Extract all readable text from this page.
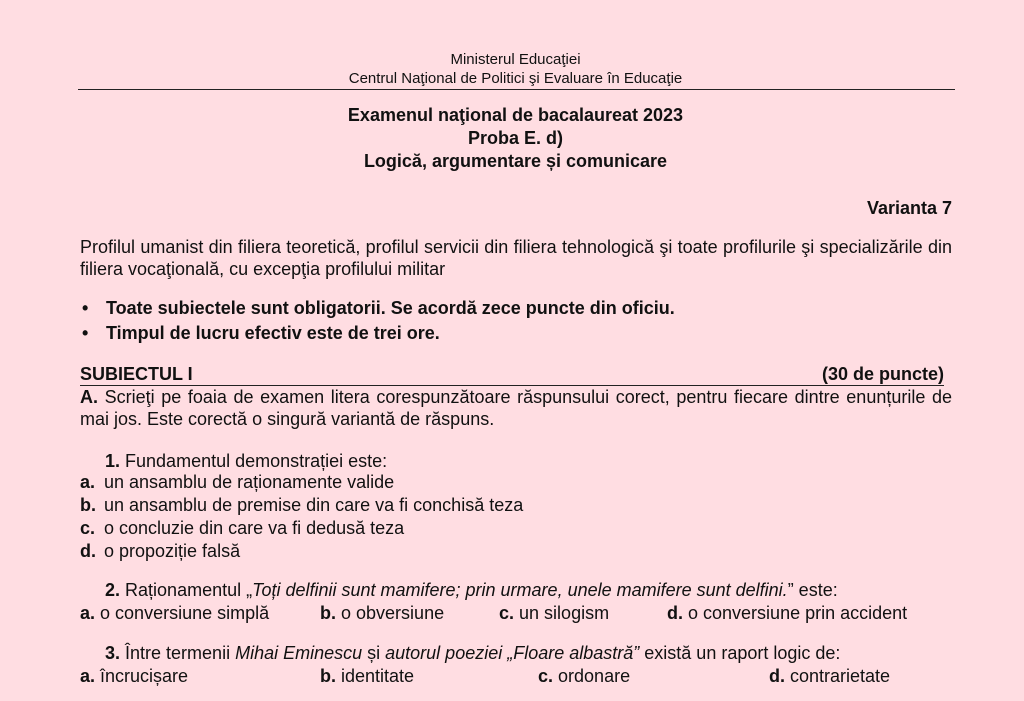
Ministerul Educaţiei
Centrul Naţional de Politici şi Evaluare în Educaţie
Examenul naţional de bacalaureat 2023
Proba E. d)
Logică, argumentare și comunicare
Varianta 7
Profilul umanist din filiera teoretică, profilul servicii din filiera tehnologică şi toate profilurile şi specializările din filiera vocaţională, cu excepţia profilului militar
• Toate subiectele sunt obligatorii. Se acordă zece puncte din oficiu.
• Timpul de lucru efectiv este de trei ore.
SUBIECTUL I	(30 de puncte)
A. Scrieţi pe foaia de examen litera corespunzătoare răspunsului corect, pentru fiecare dintre enunțurile de mai jos. Este corectă o singură variantă de răspuns.
1. Fundamentul demonstrației este:
a. un ansamblu de raționamente valide
b. un ansamblu de premise din care va fi conchisă teza
c. o concluzie din care va fi dedusă teza
d. o propoziție falsă
2. Raționamentul „Toți delfinii sunt mamifere; prin urmare, unele mamifere sunt delfini.” este:
a. o conversiune simplă	b. o obversiune	c. un silogism	d. o conversiune prin accident
3. Între termenii Mihai Eminescu și autorul poeziei „Floare albastră” există un raport logic de:
a. încrucișare	b. identitate	c. ordonare	d. contrarietate
